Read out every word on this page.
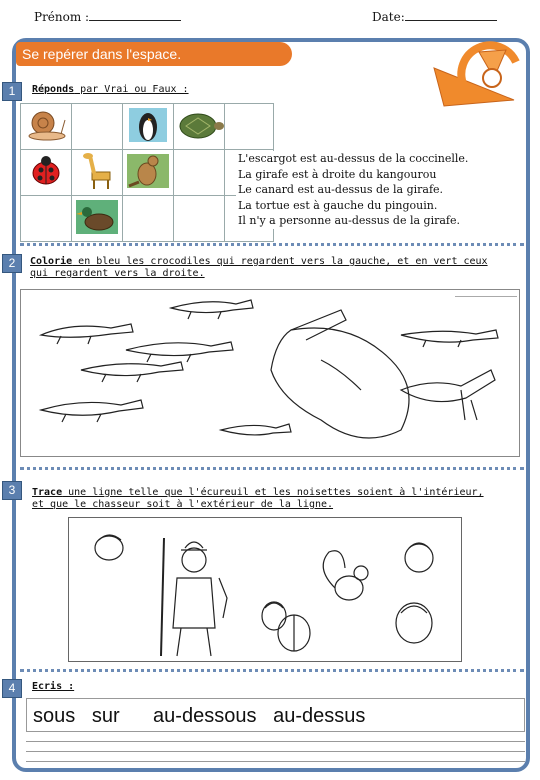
Prénom :	Date:
Se repérer dans l'espace.
1	Réponds par Vrai ou Faux :

L'escargot est au-dessus de la coccinelle.
La girafe est à droite du kangourou
Le canard est au-dessus de la girafe.
La tortue est à gauche du pingouin.
Il n'y a personne au-dessus de la girafe.
2	Colorie en bleu les crocodiles qui regardent vers la gauche, et en vert ceux qui regardent vers la droite.
3	Trace une ligne telle que l'écureuil et les noisettes soient à l'intérieur, et que le chasseur soit à l'extérieur de la ligne.
4	Ecris :
sous   sur      au-dessous   au-dessus
